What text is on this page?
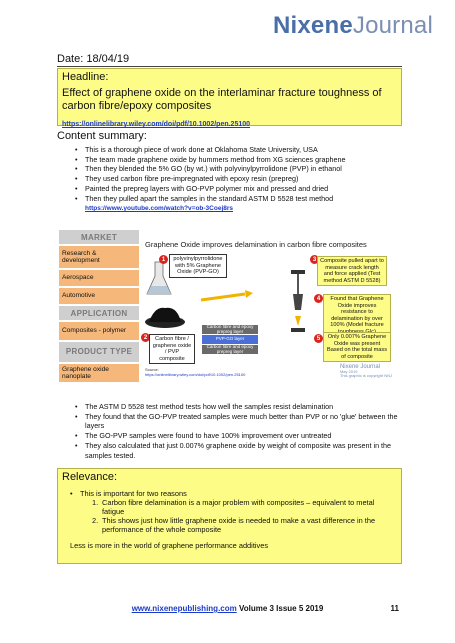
NixeneJournal
Date: 18/04/19
Headline:
Effect of graphene oxide on the interlaminar fracture toughness of carbon fibre/epoxy composites
https://onlinelibrary.wiley.com/doi/pdf/10.1002/pen.25100
Content summary:
• This is a thorough piece of work done at Oklahoma State University, USA
• The team made graphene oxide by hummers method from XG sciences graphene
• Then they blended the 5% GO (by wt.) with polyvinylpyrrolidone (PVP) in ethanol
• They used carbon fibre pre-impregnated with epoxy resin (prepreg)
• Painted the prepreg layers with GO-PVP polymer mix and pressed and dried
• Then they pulled apart the samples in the standard ASTM D 5528 test method
https://www.youtube.com/watch?v=ob-3Coej8rs
MARKET
Research & development
Aerospace
Automotive
APPLICATION
Composites - polymer
PRODUCT TYPE
Graphene oxide nanoplate
Graphene Oxide improves delamination in carbon fibre composites
1	polyvinylpyrrolidone with 5% Graphene Oxide (PVP-GO)
2	Carbon fibre / graphene oxide / PVP composite
Carbon fibre and epoxy prepreg layer
PVP-GO layer
Carbon fibre and epoxy prepreg layer
3 Composite pulled apart to measure crack length and force applied (Test method ASTM D 5528)
4	Found that Graphene Oxide improves resistance to delamination by over 100% (Model fracture
5	Only 0.007% Graphene Oxide was present Based on the total mass of composite
Source:
https://onlinelibrary.wiley.com/doi/pdf/10.1002/pen.25100
Nixene Journal
May 2019
This graphic is copyright NNJ
• The ASTM D 5528 test method tests how well the samples resist delamination
• They found that the GO-PVP treated samples were much better than PVP or no 'glue' between the layers
• The GO-PVP samples were found to have 100% improvement over untreated
• They also calculated that just 0.007% graphene oxide by weight of composite was present in the samples tested.
Relevance:
• This is important for two reasons
1. Carbon fibre delamination is a major problem with composites – equivalent to metal fatigue
2. This shows just how little graphene oxide is needed to make a vast difference in the performance of the whole composite
Less is more in the world of graphene performance additives
www.nixenepublishing.com Volume 3 Issue 5 2019	11
